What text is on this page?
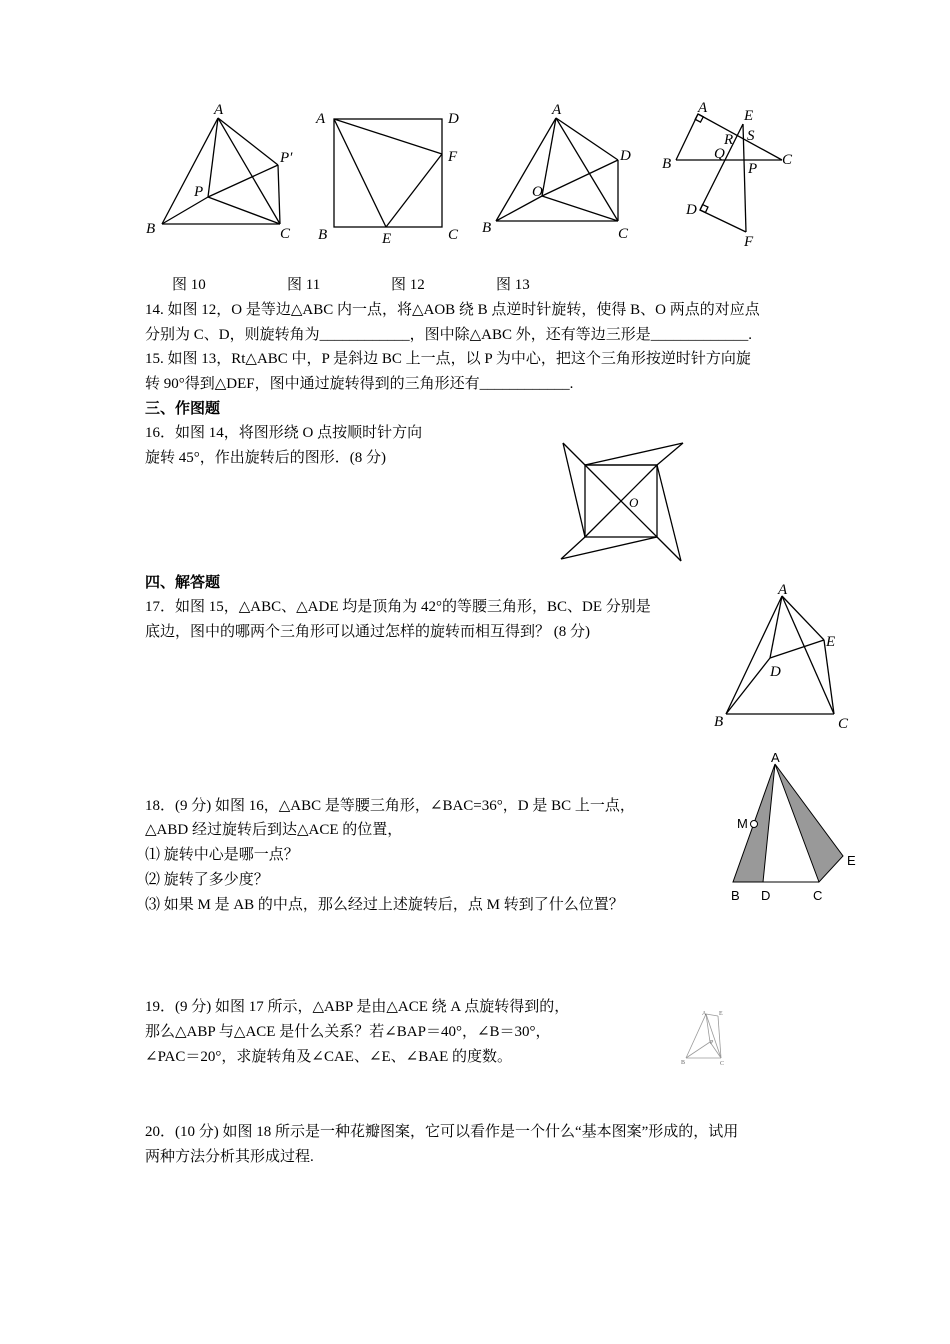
A
B	C
P
P′
A	D
F
B	E	C
A
D
O
B	C
A E
R S
Q
B	P
C
D
F
图 10	图 11	图 12	图 13
14. 如图 12，O 是等边△ABC 内一点，将△AOB 绕 B 点逆时针旋转，使得 B、O 两点的对应点
分别为 C、D，则旋转角为____________，图中除△ABC 外，还有等边三形是_____________.
15. 如图 13，Rt△ABC 中，P 是斜边 BC 上一点，以 P 为中心，把这个三角形按逆时针方向旋
转 90°得到△DEF，图中通过旋转得到的三角形还有____________.
三、作图题
16．如图 14，将图形绕 O 点按顺时针方向
旋转 45°，作出旋转后的图形．(8 分)
O
四、解答题
17．如图 15，△ABC、△ADE 均是顶角为 42°的等腰三角形，BC、DE 分别是
底边，图中的哪两个三角形可以通过怎样的旋转而相互得到？ (8 分)
A
E
D
B	C
18．(9 分) 如图 16，△ABC 是等腰三角形，∠BAC=36°，D 是 BC 上一点，
△ABD 经过旋转后到达△ACE 的位置，
⑴ 旋转中心是哪一点？
⑵ 旋转了多少度？
⑶ 如果 M 是 AB 的中点，那么经过上述旋转后，点 M 转到了什么位置？
A
M
E
B D	C
19．(9 分) 如图 17 所示，△ABP 是由△ACE 绕 A 点旋转得到的，
那么△ABP 与△ACE 是什么关系？若∠BAP＝40°，∠B＝30°，
∠PAC＝20°，求旋转角及∠CAE、∠E、∠BAE 的度数。
A E
P
B	C
20．(10 分) 如图 18 所示是一种花瓣图案，它可以看作是一个什么“基本图案”形成的，试用
两种方法分析其形成过程.
